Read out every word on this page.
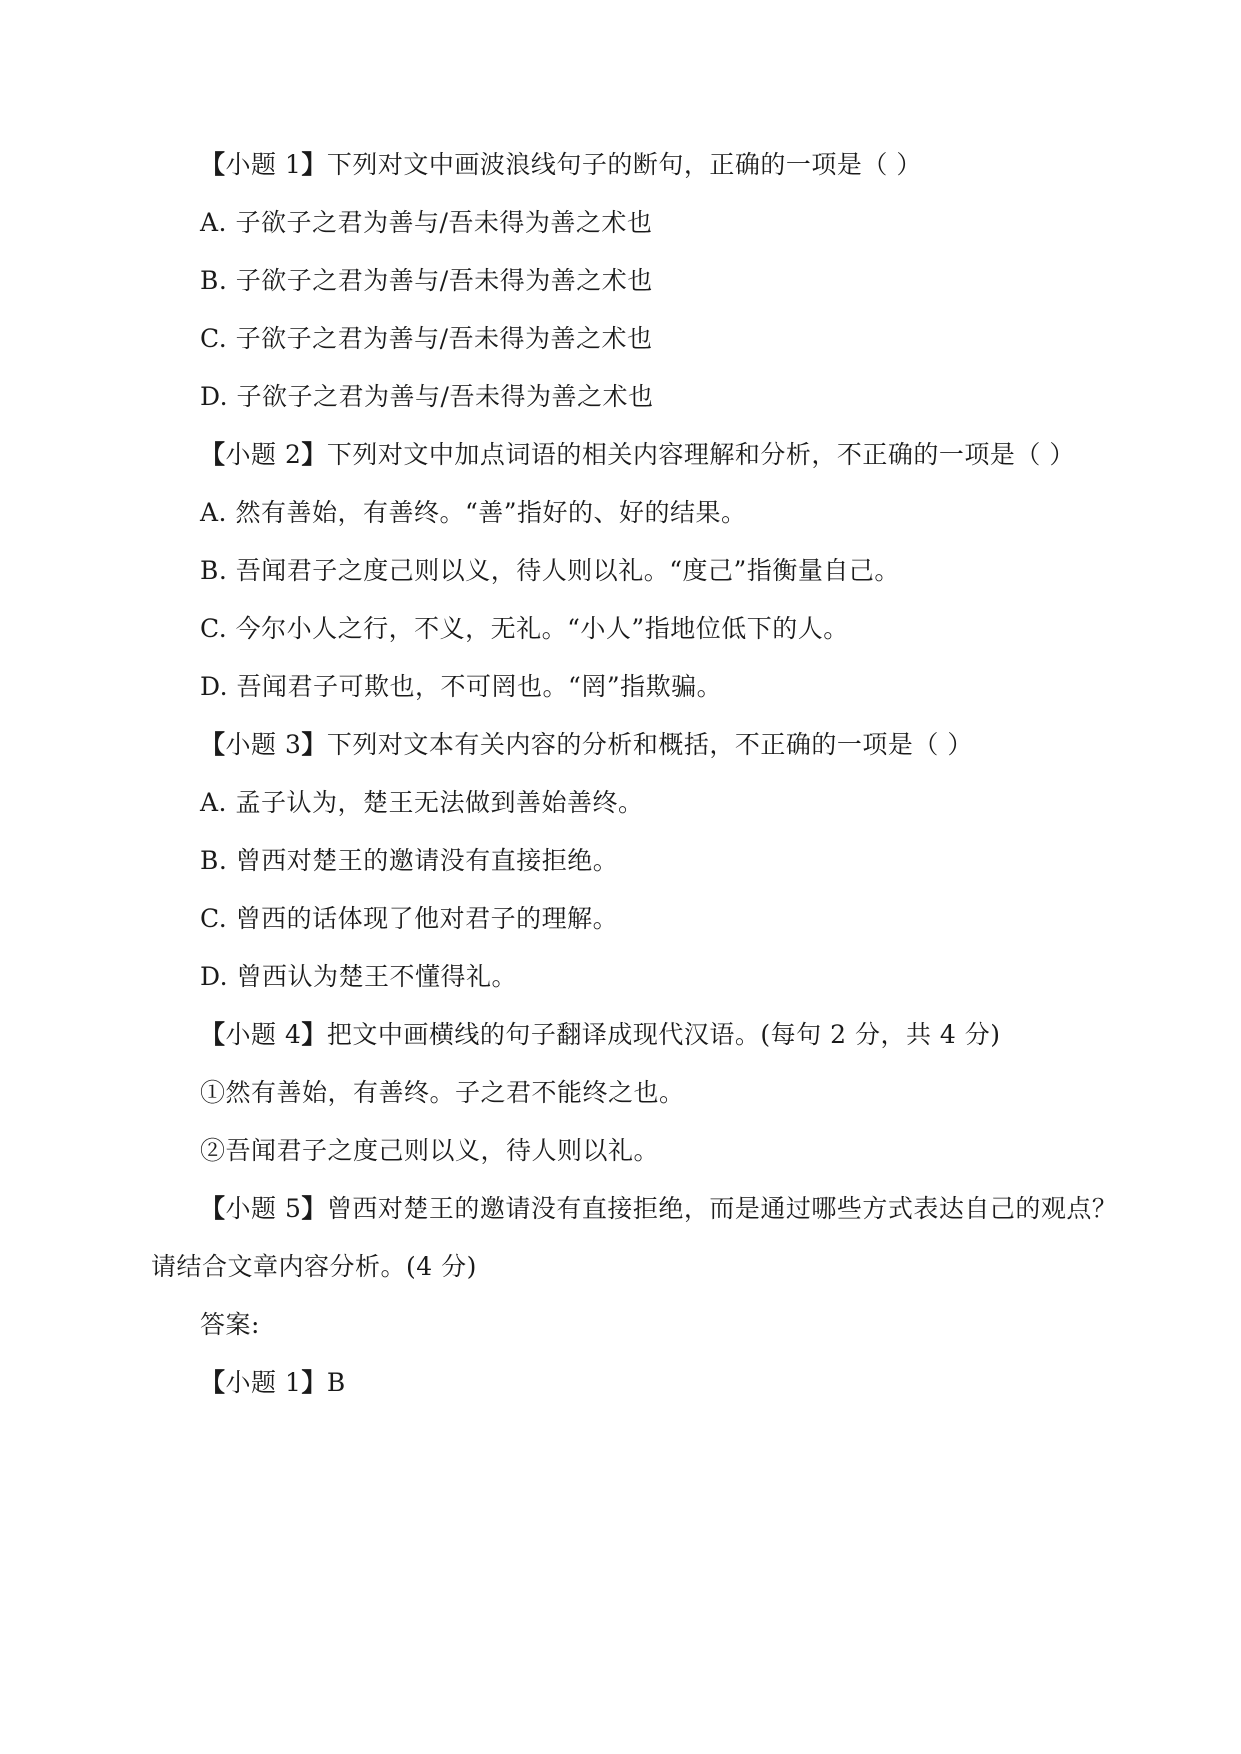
【小题 1】下列对文中画波浪线句子的断句，正确的一项是（ ）
A. 子欲子之君为善与/吾未得为善之术也
B. 子欲子之君为善与/吾未得为善之术也
C. 子欲子之君为善与/吾未得为善之术也
D. 子欲子之君为善与/吾未得为善之术也
【小题 2】下列对文中加点词语的相关内容理解和分析，不正确的一项是（ ）
A. 然有善始，有善终。“善”指好的、好的结果。
B. 吾闻君子之度己则以义，待人则以礼。“度己”指衡量自己。
C. 今尔小人之行，不义，无礼。“小人”指地位低下的人。
D. 吾闻君子可欺也，不可罔也。“罔”指欺骗。
【小题 3】下列对文本有关内容的分析和概括，不正确的一项是（ ）
A. 孟子认为，楚王无法做到善始善终。
B. 曾西对楚王的邀请没有直接拒绝。
C. 曾西的话体现了他对君子的理解。
D. 曾西认为楚王不懂得礼。
【小题 4】把文中画横线的句子翻译成现代汉语。(每句 2 分，共 4 分)
①然有善始，有善终。子之君不能终之也。
②吾闻君子之度己则以义，待人则以礼。
【小题 5】曾西对楚王的邀请没有直接拒绝，而是通过哪些方式表达自己的观点？
请结合文章内容分析。(4 分)
答案:
【小题 1】B
